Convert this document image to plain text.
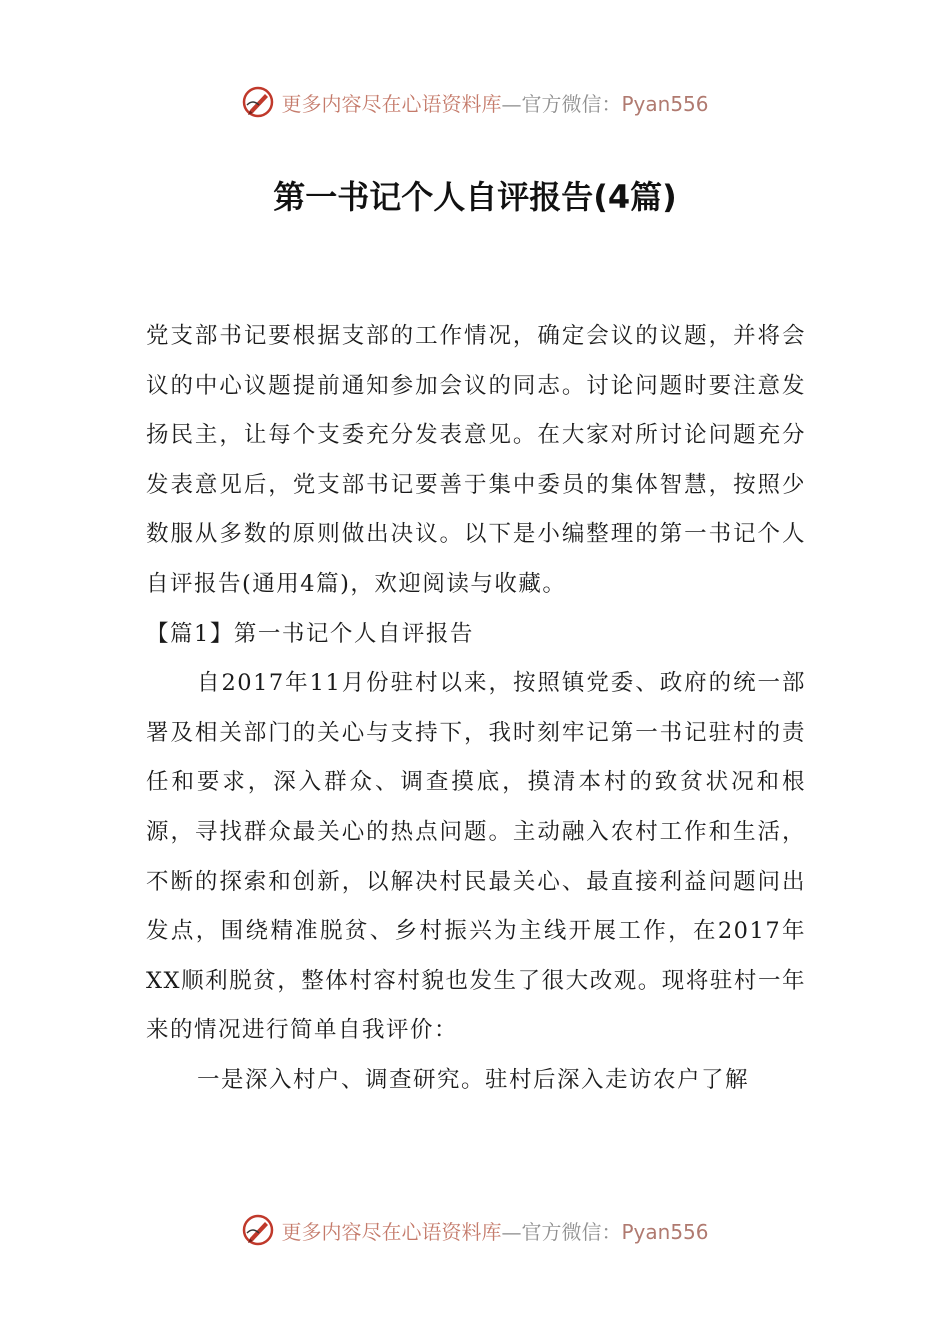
更多内容尽在心语资料库—官方微信：Pyan556
第一书记个人自评报告(4篇)

党支部书记要根据支部的工作情况，确定会议的议题，并将会议的中心议题提前通知参加会议的同志。讨论问题时要注意发扬民主，让每个支委充分发表意见。在大家对所讨论问题充分发表意见后，党支部书记要善于集中委员的集体智慧，按照少数服从多数的原则做出决议。以下是小编整理的第一书记个人自评报告(通用4篇)，欢迎阅读与收藏。

【篇1】第一书记个人自评报告

自2017年11月份驻村以来，按照镇党委、政府的统一部署及相关部门的关心与支持下，我时刻牢记第一书记驻村的责任和要求，深入群众、调查摸底，摸清本村的致贫状况和根源，寻找群众最关心的热点问题。主动融入农村工作和生活，不断的探索和创新，以解决村民最关心、最直接利益问题问出发点，围绕精准脱贫、乡村振兴为主线开展工作，在2017年XX顺利脱贫，整体村容村貌也发生了很大改观。现将驻村一年来的情况进行简单自我评价：

一是深入村户、调查研究。驻村后深入走访农户了解

更多内容尽在心语资料库—官方微信：Pyan556
